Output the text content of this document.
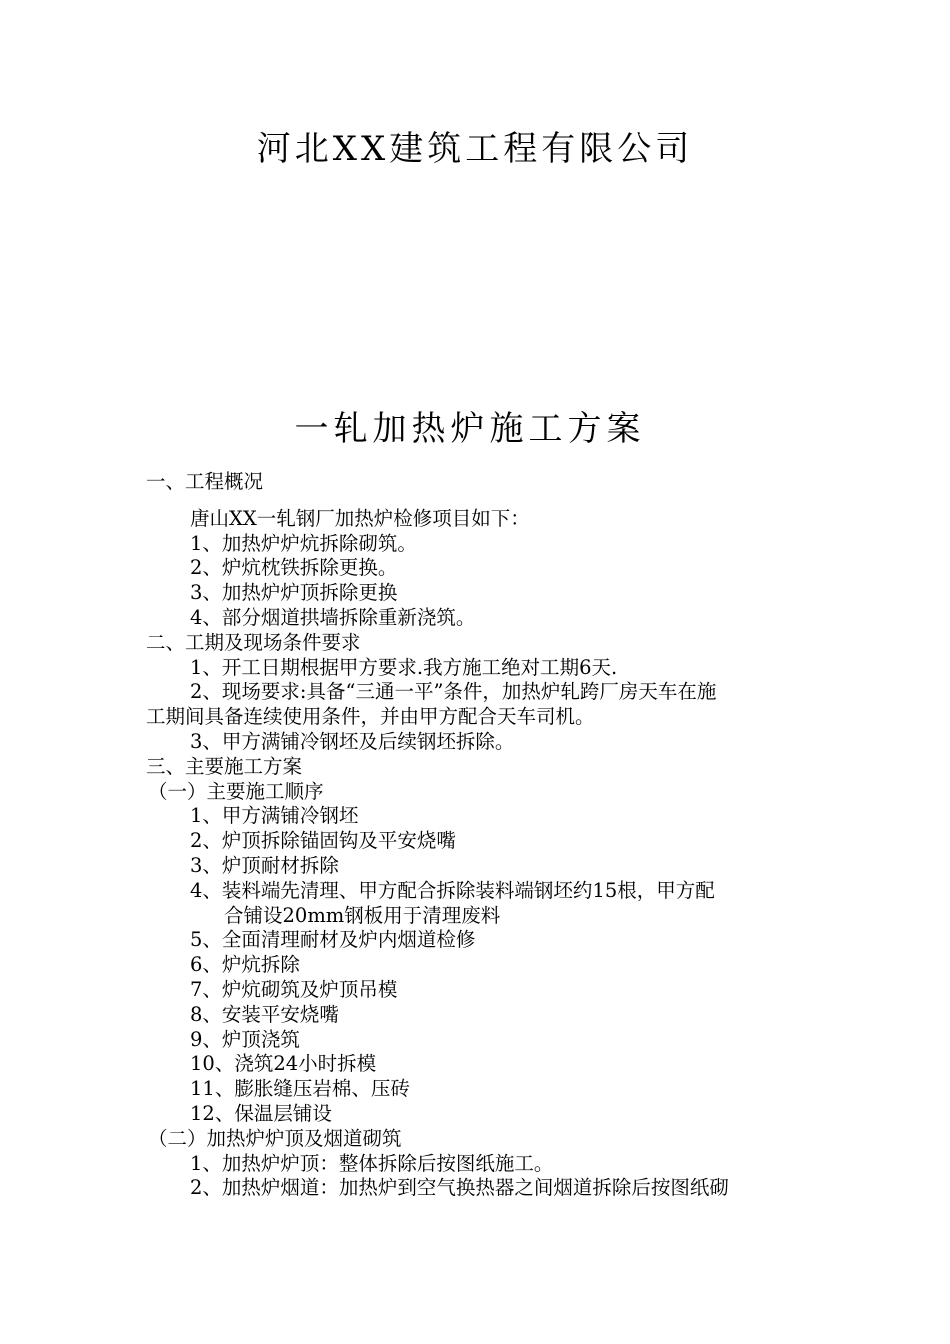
河北XX建筑工程有限公司
一轧加热炉施工方案

一、工程概况

唐山XX一轧钢厂加热炉检修项目如下：

1、加热炉炉炕拆除砌筑。

2、炉炕枕铁拆除更换。

3、加热炉炉顶拆除更换

4、部分烟道拱墙拆除重新浇筑。

二、工期及现场条件要求

1、开工日期根据甲方要求.我方施工绝对工期6天.

2、现场要求:具备“三通一平”条件，加热炉轧跨厂房天车在施

工期间具备连续使用条件，并由甲方配合天车司机。

3、甲方满铺冷钢坯及后续钢坯拆除。

三、主要施工方案

（一）主要施工顺序

1、甲方满铺冷钢坯

2、炉顶拆除锚固钩及平安烧嘴

3、炉顶耐材拆除

4、装料端先清理、甲方配合拆除装料端钢坯约15根，甲方配

合铺设20mm钢板用于清理废料

5、全面清理耐材及炉内烟道检修

6、炉炕拆除

7、炉炕砌筑及炉顶吊模

8、安装平安烧嘴

9、炉顶浇筑

10、浇筑24小时拆模

11、膨胀缝压岩棉、压砖

12、保温层铺设

（二）加热炉炉顶及烟道砌筑

1、加热炉炉顶：整体拆除后按图纸施工。

2、加热炉烟道：加热炉到空气换热器之间烟道拆除后按图纸砌
